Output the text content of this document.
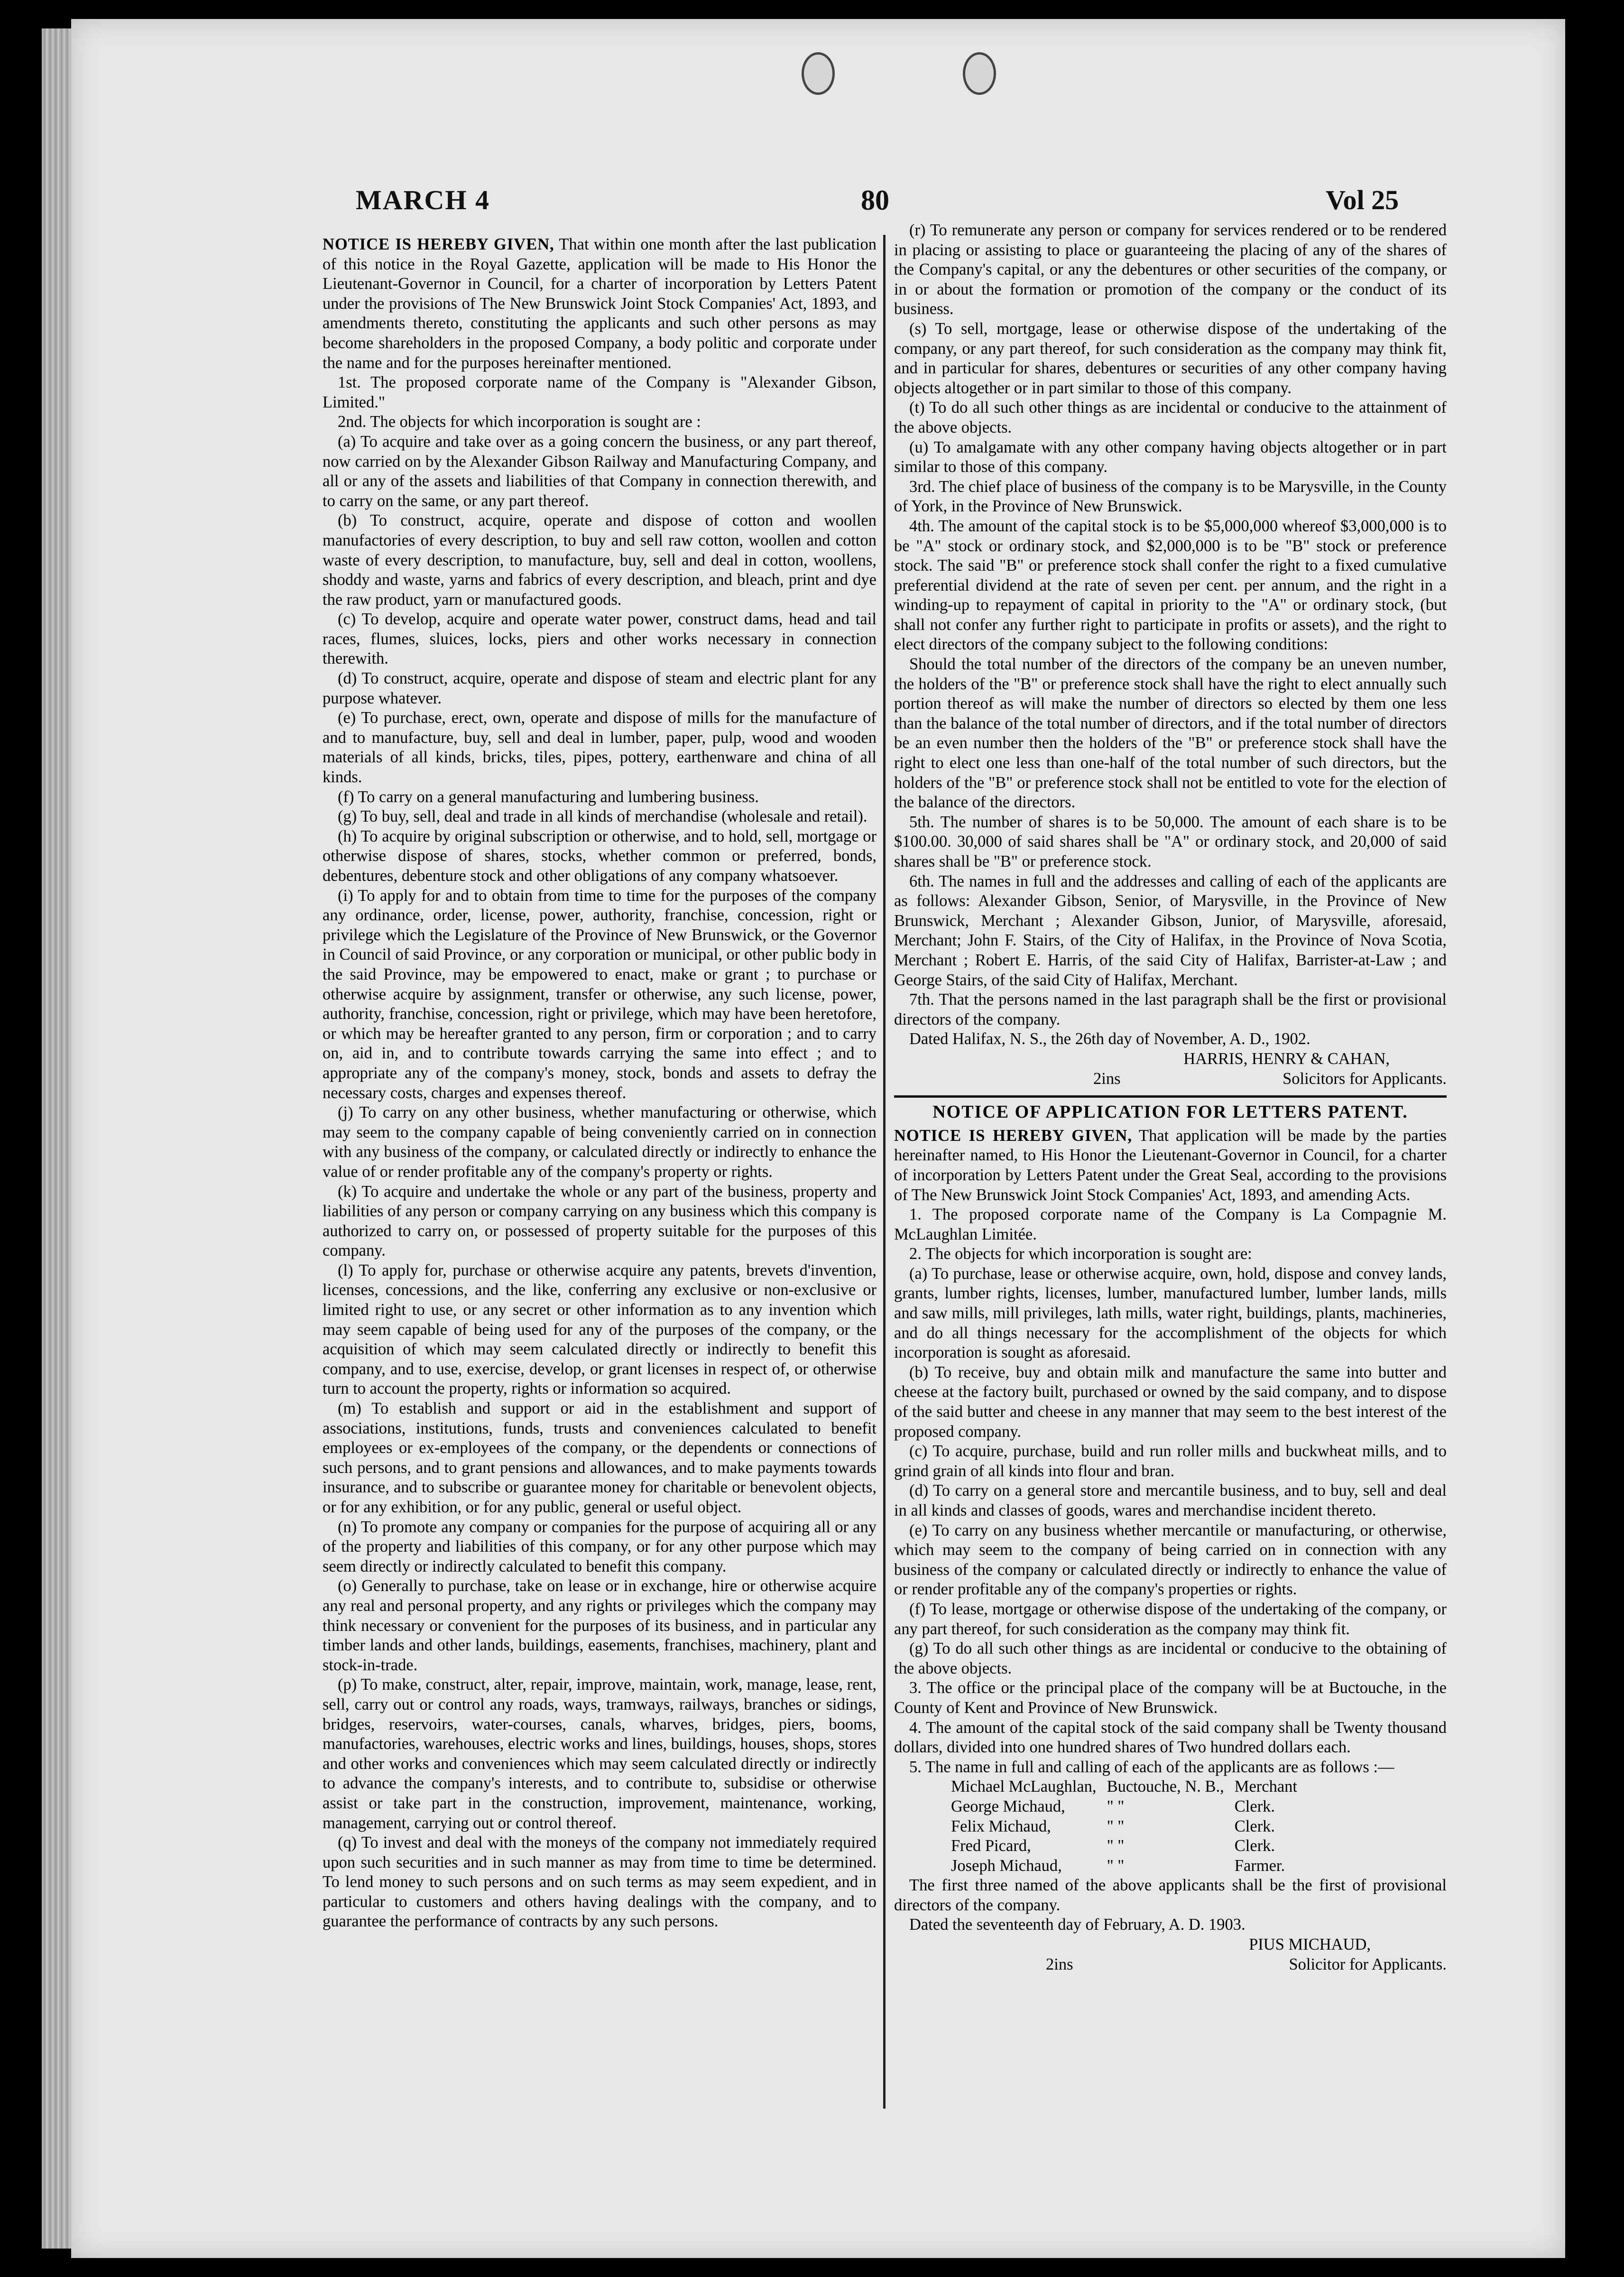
MARCH 4	80	Vol 25

NOTICE IS HEREBY GIVEN, That within one month after the last publication of this notice in the Royal Gazette, application will be made to His Honor the Lieutenant-Governor in Council, for a charter of incorporation by Letters Patent under the provisions of The New Brunswick Joint Stock Companies' Act, 1893, and amendments thereto, constituting the applicants and such other persons as may become shareholders in the proposed Company, a body politic and corporate under the name and for the purposes hereinafter mentioned.

1st. The proposed corporate name of the Company is "Alexander Gibson, Limited."

2nd. The objects for which incorporation is sought are :

(a) To acquire and take over as a going concern the business, or any part thereof, now carried on by the Alexander Gibson Railway and Manufacturing Company, and all or any of the assets and liabilities of that Company in connection therewith, and to carry on the same, or any part thereof.

(b) To construct, acquire, operate and dispose of cotton and woollen manufactories of every description, to buy and sell raw cotton, woollen and cotton waste of every description, to manufacture, buy, sell and deal in cotton, woollens, shoddy and waste, yarns and fabrics of every description, and bleach, print and dye the raw product, yarn or manufactured goods.

(c) To develop, acquire and operate water power, construct dams, head and tail races, flumes, sluices, locks, piers and other works necessary in connection therewith.

(d) To construct, acquire, operate and dispose of steam and electric plant for any purpose whatever.

(e) To purchase, erect, own, operate and dispose of mills for the manufacture of and to manufacture, buy, sell and deal in lumber, paper, pulp, wood and wooden materials of all kinds, bricks, tiles, pipes, pottery, earthenware and china of all kinds.

(f) To carry on a general manufacturing and lumbering business.

(g) To buy, sell, deal and trade in all kinds of merchandise (wholesale and retail).

(h) To acquire by original subscription or otherwise, and to hold, sell, mortgage or otherwise dispose of shares, stocks, whether common or preferred, bonds, debentures, debenture stock and other obligations of any company whatsoever.

(i) To apply for and to obtain from time to time for the purposes of the company any ordinance, order, license, power, authority, franchise, concession, right or privilege which the Legislature of the Province of New Brunswick, or the Governor in Council of said Province, or any corporation or municipal, or other public body in the said Province, may be empowered to enact, make or grant ; to purchase or otherwise acquire by assignment, transfer or otherwise, any such license, power, authority, franchise, concession, right or privilege, which may have been heretofore, or which may be hereafter granted to any person, firm or corporation ; and to carry on, aid in, and to contribute towards carrying the same into effect ; and to appropriate any of the company's money, stock, bonds and assets to defray the necessary costs, charges and expenses thereof.

(j) To carry on any other business, whether manufacturing or otherwise, which may seem to the company capable of being conveniently carried on in connection with any business of the company, or calculated directly or indirectly to enhance the value of or render profitable any of the company's property or rights.

(k) To acquire and undertake the whole or any part of the business, property and liabilities of any person or company carrying on any business which this company is authorized to carry on, or possessed of property suitable for the purposes of this company.

(l) To apply for, purchase or otherwise acquire any patents, brevets d'invention, licenses, concessions, and the like, conferring any exclusive or non-exclusive or limited right to use, or any secret or other information as to any invention which may seem capable of being used for any of the purposes of the company, or the acquisition of which may seem calculated directly or indirectly to benefit this company, and to use, exercise, develop, or grant licenses in respect of, or otherwise turn to account the property, rights or information so acquired.

(m) To establish and support or aid in the establishment and support of associations, institutions, funds, trusts and conveniences calculated to benefit employees or ex-employees of the company, or the dependents or connections of such persons, and to grant pensions and allowances, and to make payments towards insurance, and to subscribe or guarantee money for charitable or benevolent objects, or for any exhibition, or for any public, general or useful object.

(n) To promote any company or companies for the purpose of acquiring all or any of the property and liabilities of this company, or for any other purpose which may seem directly or indirectly calculated to benefit this company.

(o) Generally to purchase, take on lease or in exchange, hire or otherwise acquire any real and personal property, and any rights or privileges which the company may think necessary or convenient for the purposes of its business, and in particular any timber lands and other lands, buildings, easements, franchises, machinery, plant and stock-in-trade.

(p) To make, construct, alter, repair, improve, maintain, work, manage, lease, rent, sell, carry out or control any roads, ways, tramways, railways, branches or sidings, bridges, reservoirs, water-courses, canals, wharves, bridges, piers, booms, manufactories, warehouses, electric works and lines, buildings, houses, shops, stores and other works and conveniences which may seem calculated directly or indirectly to advance the company's interests, and to contribute to, subsidise or otherwise assist or take part in the construction, improvement, maintenance, working, management, carrying out or control thereof.

(q) To invest and deal with the moneys of the company not immediately required upon such securities and in such manner as may from time to time be determined. To lend money to such persons and on such terms as may seem expedient, and in particular to customers and others having dealings with the company, and to guarantee the performance of contracts by any such persons.

(r) To remunerate any person or company for services rendered or to be rendered in placing or assisting to place or guaranteeing the placing of any of the shares of the Company's capital, or any the debentures or other securities of the company, or in or about the formation or promotion of the company or the conduct of its business.

(s) To sell, mortgage, lease or otherwise dispose of the undertaking of the company, or any part thereof, for such consideration as the company may think fit, and in particular for shares, debentures or securities of any other company having objects altogether or in part similar to those of this company.

(t) To do all such other things as are incidental or conducive to the attainment of the above objects.

(u) To amalgamate with any other company having objects altogether or in part similar to those of this company.

3rd. The chief place of business of the company is to be Marysville, in the County of York, in the Province of New Brunswick.

4th. The amount of the capital stock is to be $5,000,000 whereof $3,000,000 is to be "A" stock or ordinary stock, and $2,000,000 is to be "B" stock or preference stock. The said "B" or preference stock shall confer the right to a fixed cumulative preferential dividend at the rate of seven per cent. per annum, and the right in a winding-up to repayment of capital in priority to the "A" or ordinary stock, (but shall not confer any further right to participate in profits or assets), and the right to elect directors of the company subject to the following conditions:

Should the total number of the directors of the company be an uneven number, the holders of the "B" or preference stock shall have the right to elect annually such portion thereof as will make the number of directors so elected by them one less than the balance of the total number of directors, and if the total number of directors be an even number then the holders of the "B" or preference stock shall have the right to elect one less than one-half of the total number of such directors, but the holders of the "B" or preference stock shall not be entitled to vote for the election of the balance of the directors.

5th. The number of shares is to be 50,000. The amount of each share is to be $100.00. 30,000 of said shares shall be "A" or ordinary stock, and 20,000 of said shares shall be "B" or preference stock.

6th. The names in full and the addresses and calling of each of the applicants are as follows: Alexander Gibson, Senior, of Marysville, in the Province of New Brunswick, Merchant ; Alexander Gibson, Junior, of Marysville, aforesaid, Merchant; John F. Stairs, of the City of Halifax, in the Province of Nova Scotia, Merchant ; Robert E. Harris, of the said City of Halifax, Barrister-at-Law ; and George Stairs, of the said City of Halifax, Merchant.

7th. That the persons named in the last paragraph shall be the first or provisional directors of the company.

Dated Halifax, N. S., the 26th day of November, A. D., 1902.

HARRIS, HENRY & CAHAN,

2ins	Solicitors for Applicants.
NOTICE OF APPLICATION FOR LETTERS PATENT.

NOTICE IS HEREBY GIVEN, That application will be made by the parties hereinafter named, to His Honor the Lieutenant-Governor in Council, for a charter of incorporation by Letters Patent under the Great Seal, according to the provisions of The New Brunswick Joint Stock Companies' Act, 1893, and amending Acts.

1. The proposed corporate name of the Company is La Compagnie M. McLaughlan Limitée.

2. The objects for which incorporation is sought are:

(a) To purchase, lease or otherwise acquire, own, hold, dispose and convey lands, grants, lumber rights, licenses, lumber, manufactured lumber, lumber lands, mills and saw mills, mill privileges, lath mills, water right, buildings, plants, machineries, and do all things necessary for the accomplishment of the objects for which incorporation is sought as aforesaid.

(b) To receive, buy and obtain milk and manufacture the same into butter and cheese at the factory built, purchased or owned by the said company, and to dispose of the said butter and cheese in any manner that may seem to the best interest of the proposed company.

(c) To acquire, purchase, build and run roller mills and buckwheat mills, and to grind grain of all kinds into flour and bran.

(d) To carry on a general store and mercantile business, and to buy, sell and deal in all kinds and classes of goods, wares and merchandise incident thereto.

(e) To carry on any business whether mercantile or manufacturing, or otherwise, which may seem to the company of being carried on in connection with any business of the company or calculated directly or indirectly to enhance the value of or render profitable any of the company's properties or rights.

(f) To lease, mortgage or otherwise dispose of the undertaking of the company, or any part thereof, for such consideration as the company may think fit.

(g) To do all such other things as are incidental or conducive to the obtaining of the above objects.

3. The office or the principal place of the company will be at Buctouche, in the County of Kent and Province of New Brunswick.

4. The amount of the capital stock of the said company shall be Twenty thousand dollars, divided into one hundred shares of Two hundred dollars each.

5. The name in full and calling of each of the applicants are as follows :—

Michael McLaughlan,	Buctouche, N. B.,	Merchant
George Michaud,	" "	Clerk.
Felix Michaud,	" "	Clerk.
Fred Picard,	" "	Clerk.
Joseph Michaud,	" "	Farmer.

The first three named of the above applicants shall be the first of provisional directors of the company.

Dated the seventeenth day of February, A. D. 1903.

PIUS MICHAUD,

2ins	Solicitor for Applicants.
